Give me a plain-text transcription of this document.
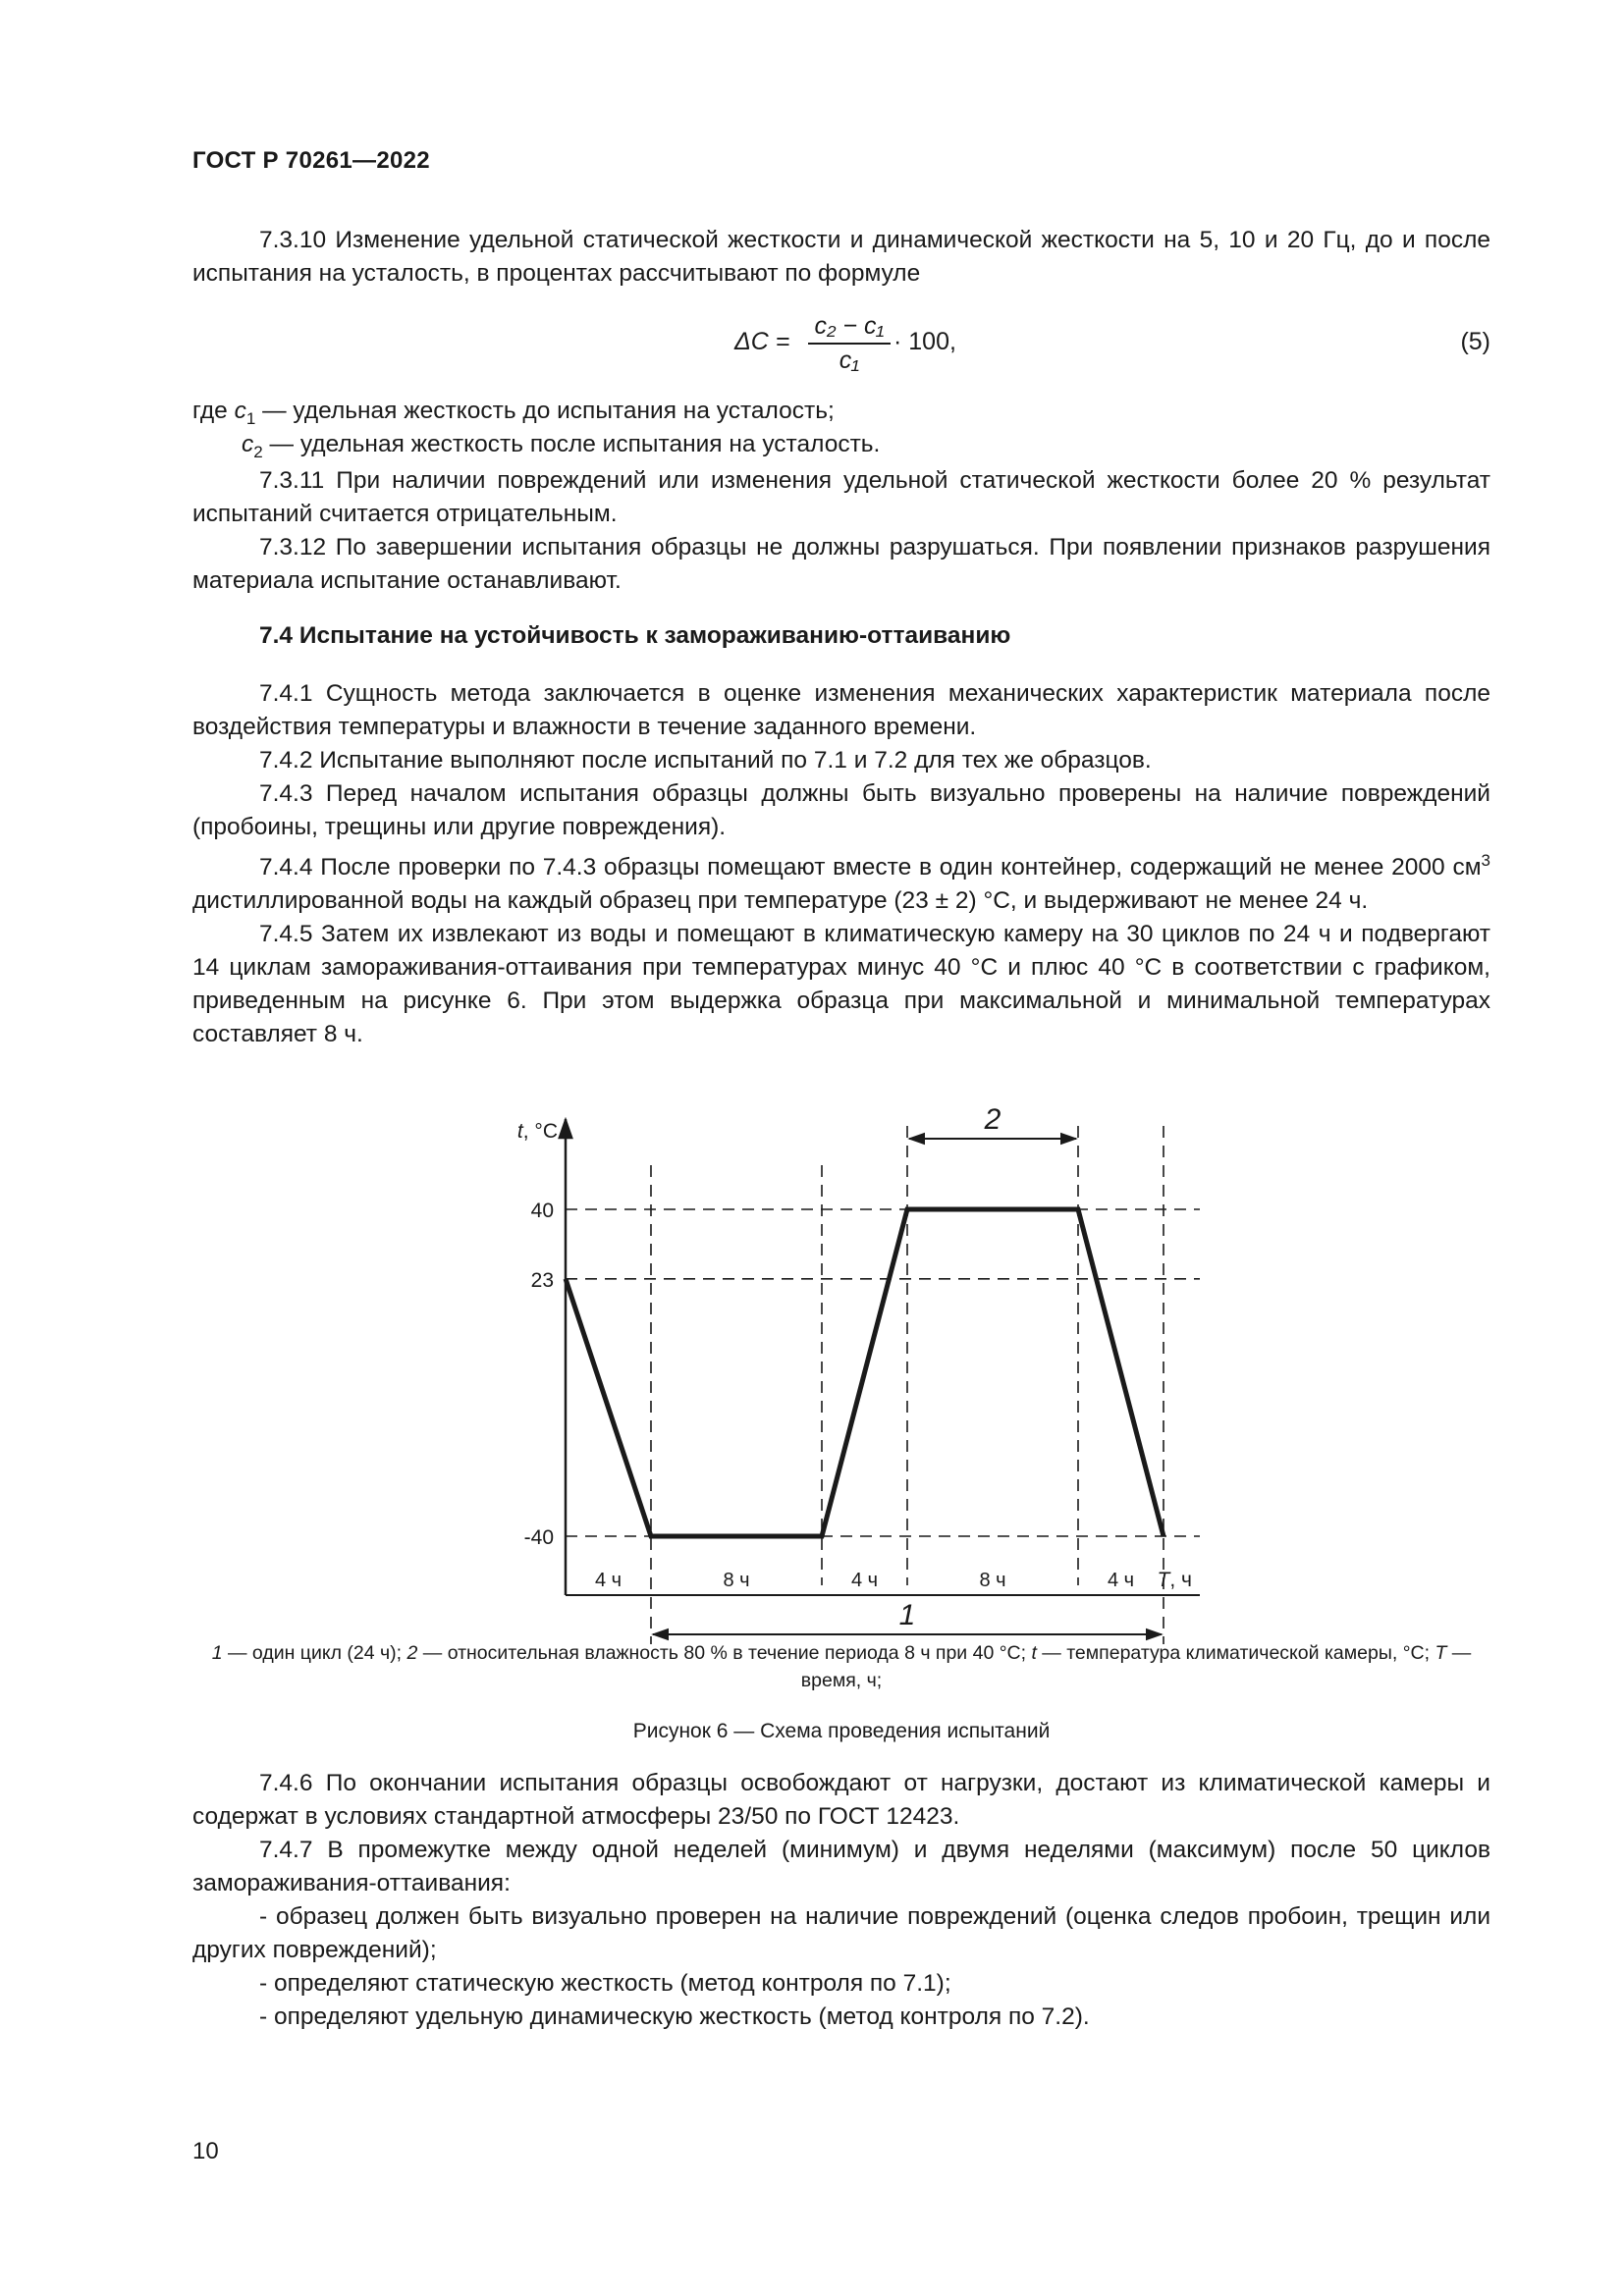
ГОСТ Р 70261—2022

7.3.10 Изменение удельной статической жесткости и динамической жесткости на 5, 10 и 20 Гц, до и после испытания на усталость, в процентах рассчитывают по формуле

ΔC =
c₂ − c₁
c₁
· 100,	(5)
где $c_1$ — удельная жесткость до испытания на усталость;
$c_2$ — удельная жесткость после испытания на усталость.

7.3.11 При наличии повреждений или изменения удельной статической жесткости более 20 % результат испытаний считается отрицательным.

7.3.12 По завершении испытания образцы не должны разрушаться. При появлении признаков разрушения материала испытание останавливают.

7.4 Испытание на устойчивость к замораживанию-оттаиванию

7.4.1 Сущность метода заключается в оценке изменения механических характеристик материала после воздействия температуры и влажности в течение заданного времени.

7.4.2 Испытание выполняют после испытаний по 7.1 и 7.2 для тех же образцов.

7.4.3 Перед началом испытания образцы должны быть визуально проверены на наличие повреждений (пробоины, трещины или другие повреждения).

7.4.4 После проверки по 7.4.3 образцы помещают вместе в один контейнер, содержащий не менее 2000 $см^3$ дистиллированной воды на каждый образец при температуре (23 ± 2) °С, и выдерживают не менее 24 ч.

7.4.5 Затем их извлекают из воды и помещают в климатическую камеру на 30 циклов по 24 ч и подвергают 14 циклам замораживания-оттаивания при температурах минус 40 °С и плюс 40 °С в соответствии с графиком, приведенным на рисунке 6. При этом выдержка образца при максимальной и минимальной температурах составляет 8 ч.

40
23
-40
t, °С
T, ч
4 ч	8 ч	4 ч	8 ч	4 ч
1
2
1 — один цикл (24 ч); 2 — относительная влажность 80 % в течение периода 8 ч при 40 °С; t — температура климатической камеры, °С; T — время, ч;
Рисунок 6 — Схема проведения испытаний

7.4.6 По окончании испытания образцы освобождают от нагрузки, достают из климатической камеры и содержат в условиях стандартной атмосферы 23/50 по ГОСТ 12423.

7.4.7 В промежутке между одной неделей (минимум) и двумя неделями (максимум) после 50 циклов замораживания-оттаивания:

- образец должен быть визуально проверен на наличие повреждений (оценка следов пробоин, трещин или других повреждений);

- определяют статическую жесткость (метод контроля по 7.1);

- определяют удельную динамическую жесткость (метод контроля по 7.2).

10
